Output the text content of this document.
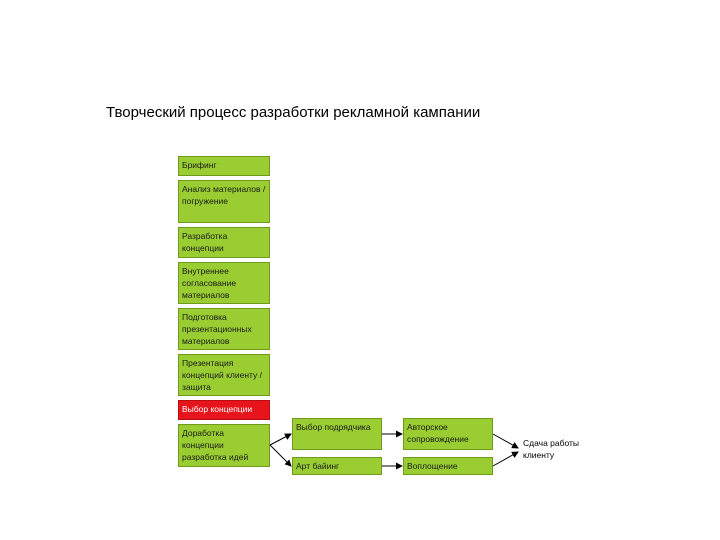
Творческий процесс разработки рекламной кампании
Брифинг
Анализ материалов / погружение
Разработка концепции
Внутреннее согласование материалов
Подготовка презентационных материалов
Презентация концепций клиенту / защита
Выбор концепции
Доработка концепции разработка идей
Выбор подрядчика	Авторское сопровождение
Арт байинг	Воплощение
Сдача работы клиенту
